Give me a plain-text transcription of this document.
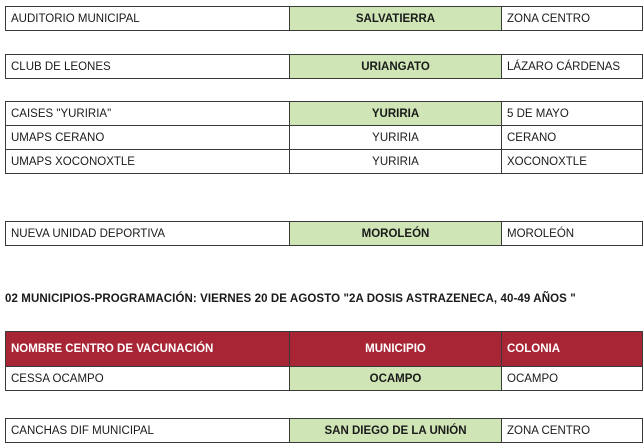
AUDITORIO MUNICIPAL	SALVATIERRA	ZONA CENTRO
CLUB DE LEONES	URIANGATO	LÁZARO CÁRDENAS
CAISES "YURIRIA"	YURIRIA	5 DE MAYO
UMAPS CERANO	YURIRIA	CERANO
UMAPS XOCONOXTLE	YURIRIA	XOCONOXTLE
NUEVA UNIDAD DEPORTIVA	MOROLEÓN	MOROLEÓN
02 MUNICIPIOS-PROGRAMACIÓN: VIERNES 20 DE AGOSTO "2A DOSIS ASTRAZENECA, 40-49 AÑOS "
NOMBRE CENTRO DE VACUNACIÓN	MUNICIPIO	COLONIA
CESSA OCAMPO	OCAMPO	OCAMPO
CANCHAS DIF MUNICIPAL	SAN DIEGO DE LA UNIÓN	ZONA CENTRO
